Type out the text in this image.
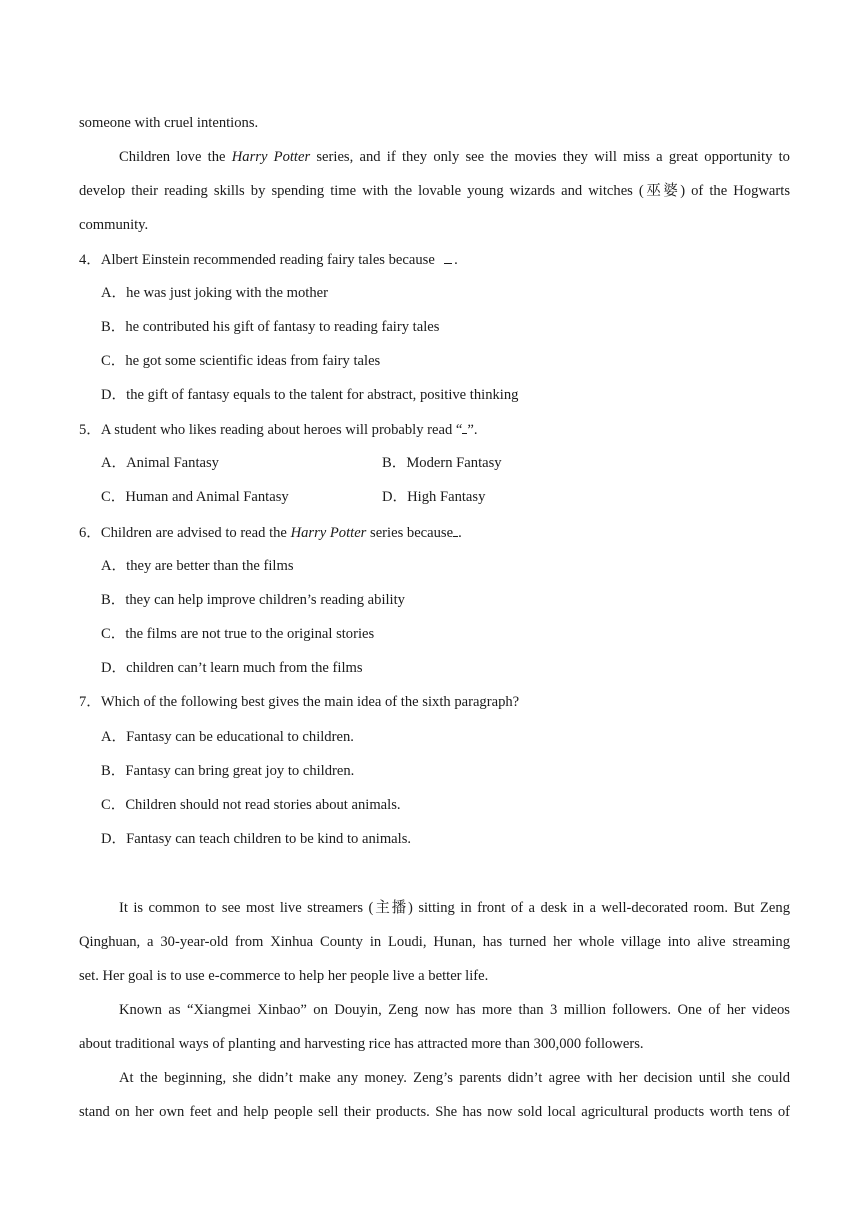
someone with cruel intentions.
Children love the Harry Potter series, and if they only see the movies they will miss a great opportunity to
develop their reading skills by spending time with the lovable young wizards and witches (巫婆) of the Hogwarts
community.
4．Albert Einstein recommended reading fairy tales because .
A．he was just joking with the mother
B．he contributed his gift of fantasy to reading fairy tales
C．he got some scientific ideas from fairy tales
D．the gift of fantasy equals to the talent for abstract, positive thinking
5．A student who likes reading about heroes will probably read “ ”.
A．Animal Fantasy	B．Modern Fantasy
C．Human and Animal Fantasy	D．High Fantasy
6．Children are advised to read the Harry Potter series because .
A．they are better than the films
B．they can help improve children’s reading ability
C．the films are not true to the original stories
D．children can’t learn much from the films
7．Which of the following best gives the main idea of the sixth paragraph?
A．Fantasy can be educational to children.
B．Fantasy can bring great joy to children.
C．Children should not read stories about animals.
D．Fantasy can teach children to be kind to animals.
It is common to see most live streamers (主播) sitting in front of a desk in a well-decorated room. But Zeng
Qinghuan, a 30-year-old from Xinhua County in Loudi, Hunan, has turned her whole village into alive streaming
set. Her goal is to use e-commerce to help her people live a better life.
Known as “Xiangmei Xinbao” on Douyin, Zeng now has more than 3 million followers. One of her videos
about traditional ways of planting and harvesting rice has attracted more than 300,000 followers.
At the beginning, she didn’t make any money. Zeng’s parents didn’t agree with her decision until she could
stand on her own feet and help people sell their products. She has now sold local agricultural products worth tens of
